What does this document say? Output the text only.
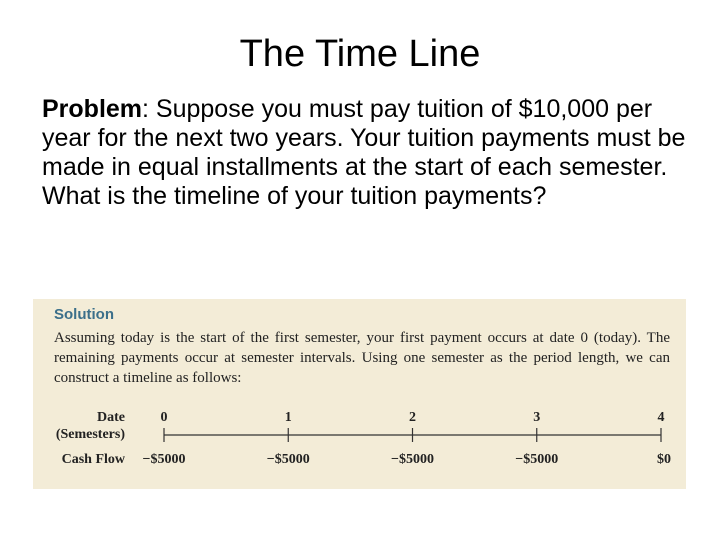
The Time Line
Problem: Suppose you must pay tuition of $10,000 per year for the next two years. Your tuition payments must be made in equal installments at the start of each semester. What is the timeline of your tuition payments?
Solution
Assuming today is the start of the first semester, your first payment occurs at date 0 (today). The remaining payments occur at semester intervals. Using one semester as the period length, we can construct a timeline as follows:
Date
(Semesters)
Cash Flow
0
−$5000
1
−$5000
2
−$5000
3
−$5000
4
$0
